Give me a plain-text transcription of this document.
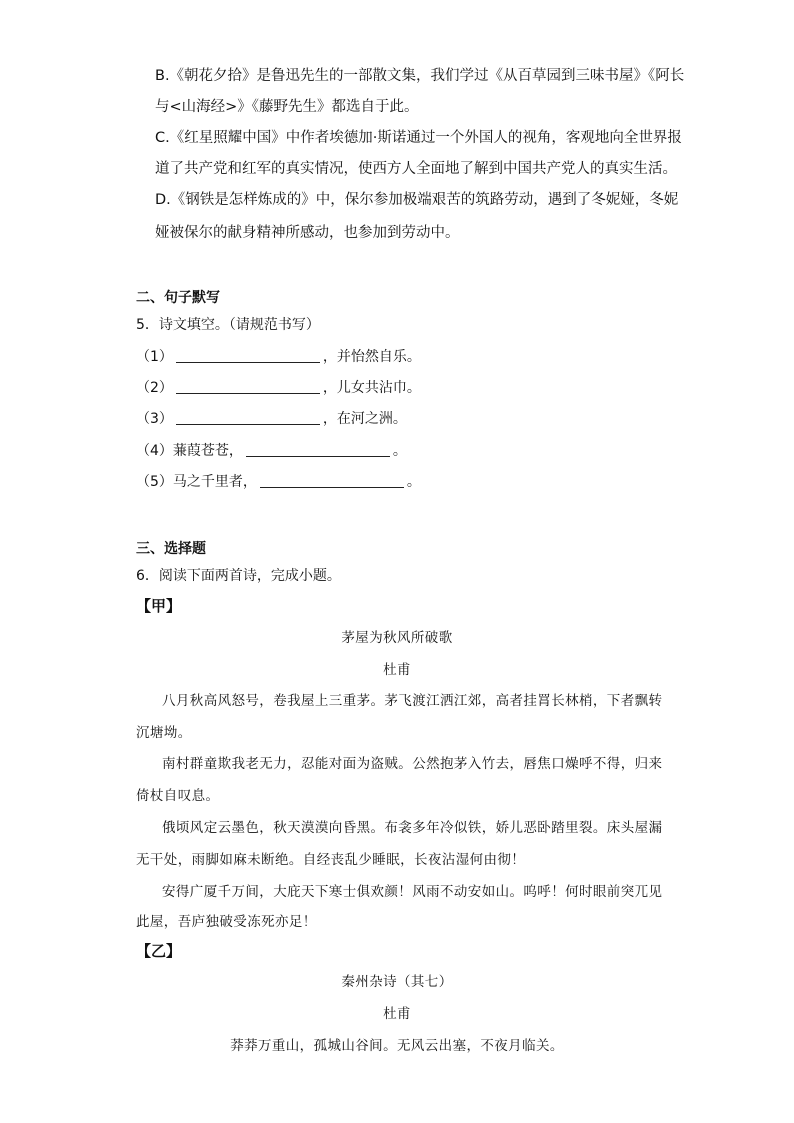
B.《朝花夕拾》是鲁迅先生的一部散文集，我们学过《从百草园到三味书屋》《阿长
与<山海经>》《藤野先生》都选自于此。
C.《红星照耀中国》中作者埃德加·斯诺通过一个外国人的视角，客观地向全世界报
道了共产党和红军的真实情况，使西方人全面地了解到中国共产党人的真实生活。
D.《钢铁是怎样炼成的》中，保尔参加极端艰苦的筑路劳动，遇到了冬妮娅，冬妮
娅被保尔的献身精神所感动，也参加到劳动中。
二、句子默写
5．诗文填空。（请规范书写）
（1）	，并怡然自乐。
（2）	，儿女共沾巾。
（3）	，在河之洲。
（4）蒹葭苍苍，	。
（5）马之千里者，	。
三、选择题
6．阅读下面两首诗，完成小题。
【甲】
茅屋为秋风所破歌
杜甫
八月秋高风怒号，卷我屋上三重茅。茅飞渡江洒江郊，高者挂罥长林梢，下者飘转
沉塘坳。
南村群童欺我老无力，忍能对面为盗贼。公然抱茅入竹去，唇焦口燥呼不得，归来
倚杖自叹息。
俄顷风定云墨色，秋天漠漠向昏黑。布衾多年冷似铁，娇儿恶卧踏里裂。床头屋漏
无干处，雨脚如麻未断绝。自经丧乱少睡眠，长夜沾湿何由彻！
安得广厦千万间，大庇天下寒士俱欢颜！风雨不动安如山。呜呼！何时眼前突兀见
此屋，吾庐独破受冻死亦足！
【乙】
秦州杂诗（其七）
杜甫
莽莽万重山，孤城山谷间。无风云出塞，不夜月临关。
